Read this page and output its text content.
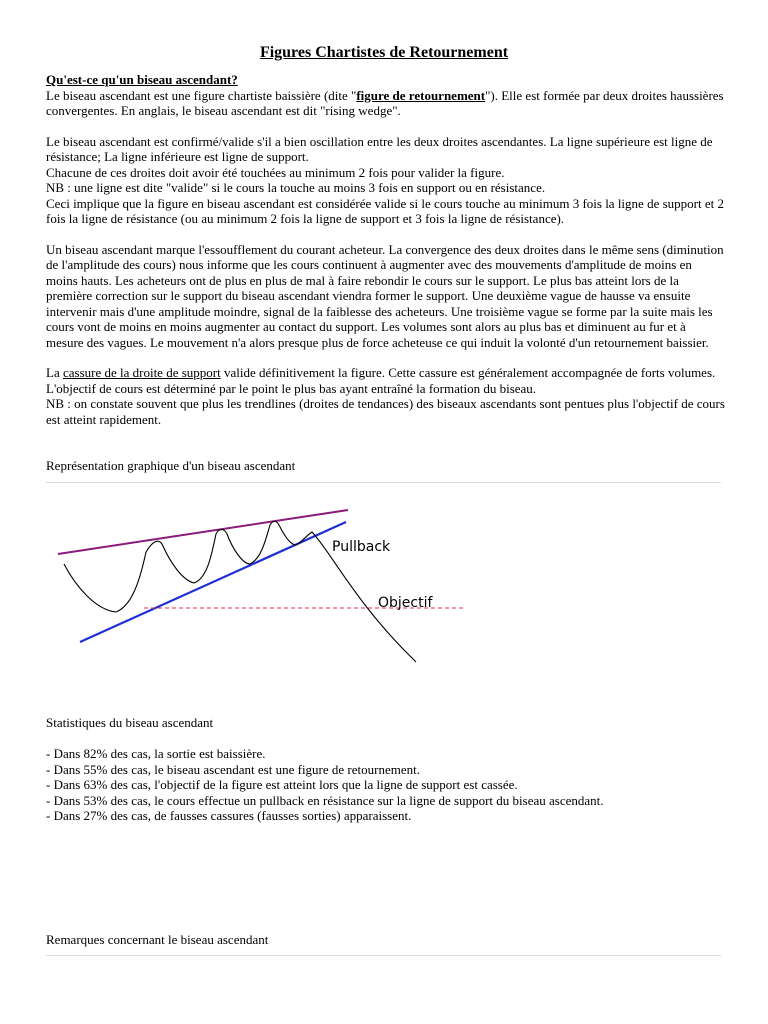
Figures Chartistes de Retournement
Qu'est-ce qu'un biseau ascendant?

Le biseau ascendant est une figure chartiste baissière (dite "figure de retournement"). Elle est formée par deux droites haussières convergentes. En anglais, le biseau ascendant est dit "rising wedge".

Le biseau ascendant est confirmé/valide s'il a bien oscillation entre les deux droites ascendantes. La ligne supérieure est ligne de résistance; La ligne inférieure est ligne de support.
Chacune de ces droites doit avoir été touchées au minimum 2 fois pour valider la figure.
NB : une ligne est dite "valide" si le cours la touche au moins 3 fois en support ou en résistance.
Ceci implique que la figure en biseau ascendant est considérée valide si le cours touche au minimum 3 fois la ligne de support et 2 fois la ligne de résistance (ou au minimum 2 fois la ligne de support et 3 fois la ligne de résistance).

Un biseau ascendant marque l'essoufflement du courant acheteur. La convergence des deux droites dans le même sens (diminution de l'amplitude des cours) nous informe que les cours continuent à augmenter avec des mouvements d'amplitude de moins en moins hauts. Les acheteurs ont de plus en plus de mal à faire rebondir le cours sur le support. Le plus bas atteint lors de la première correction sur le support du biseau ascendant viendra former le support. Une deuxième vague de hausse va ensuite intervenir mais d'une amplitude moindre, signal de la faiblesse des acheteurs. Une troisième vague se forme par la suite mais les cours vont de moins en moins augmenter au contact du support. Les volumes sont alors au plus bas et diminuent au fur et à mesure des vagues. Le mouvement n'a alors presque plus de force acheteuse ce qui induit la volonté d'un retournement baissier.

La cassure de la droite de support valide définitivement la figure. Cette cassure est généralement accompagnée de forts volumes. L'objectif de cours est déterminé par le point le plus bas ayant entraîné la formation du biseau.
NB : on constate souvent que plus les trendlines (droites de tendances) des biseaux ascendants sont pentues plus l'objectif de cours est atteint rapidement.

Représentation graphique d'un biseau ascendant
Pullback
Objectif
Statistiques du biseau ascendant
- Dans 82% des cas, la sortie est baissière.
- Dans 55% des cas, le biseau ascendant est une figure de retournement.
- Dans 63% des cas, l'objectif de la figure est atteint lors que la ligne de support est cassée.
- Dans 53% des cas, le cours effectue un pullback en résistance sur la ligne de support du biseau ascendant.
- Dans 27% des cas, de fausses cassures (fausses sorties) apparaissent.
Remarques concernant le biseau ascendant
